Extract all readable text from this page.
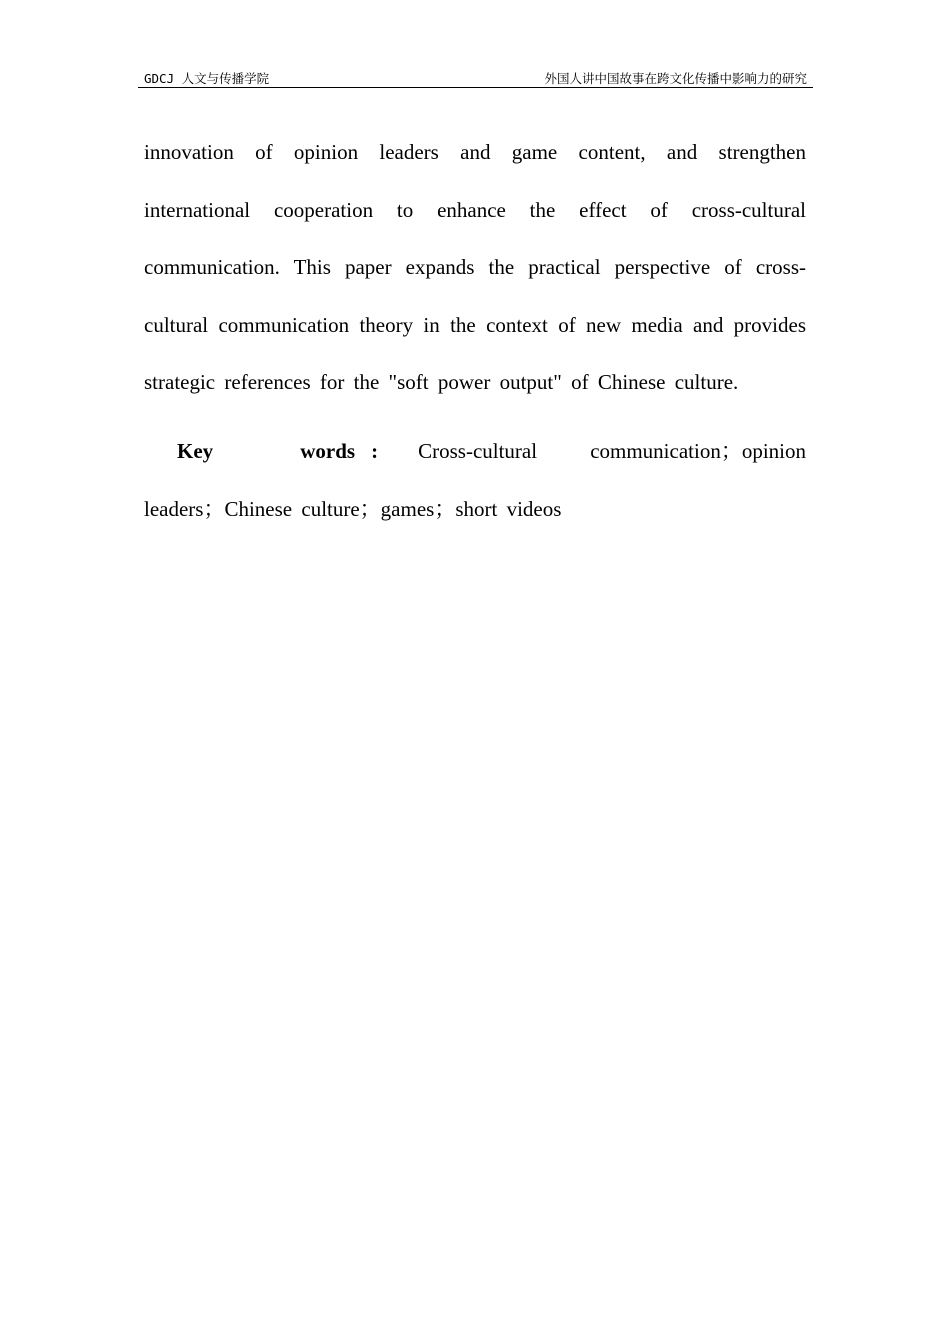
GDCJ 人文与传播学院	外国人讲中国故事在跨文化传播中影响力的研究

innovation of opinion leaders and game content, and strengthen international cooperation to enhance the effect of cross-cultural communication. This paper expands the practical perspective of cross-cultural communication theory in the context of new media and provides strategic references for the "soft power output" of Chinese culture.

Key words : Cross-cultural communication；opinion leaders；Chinese culture；games；short videos
